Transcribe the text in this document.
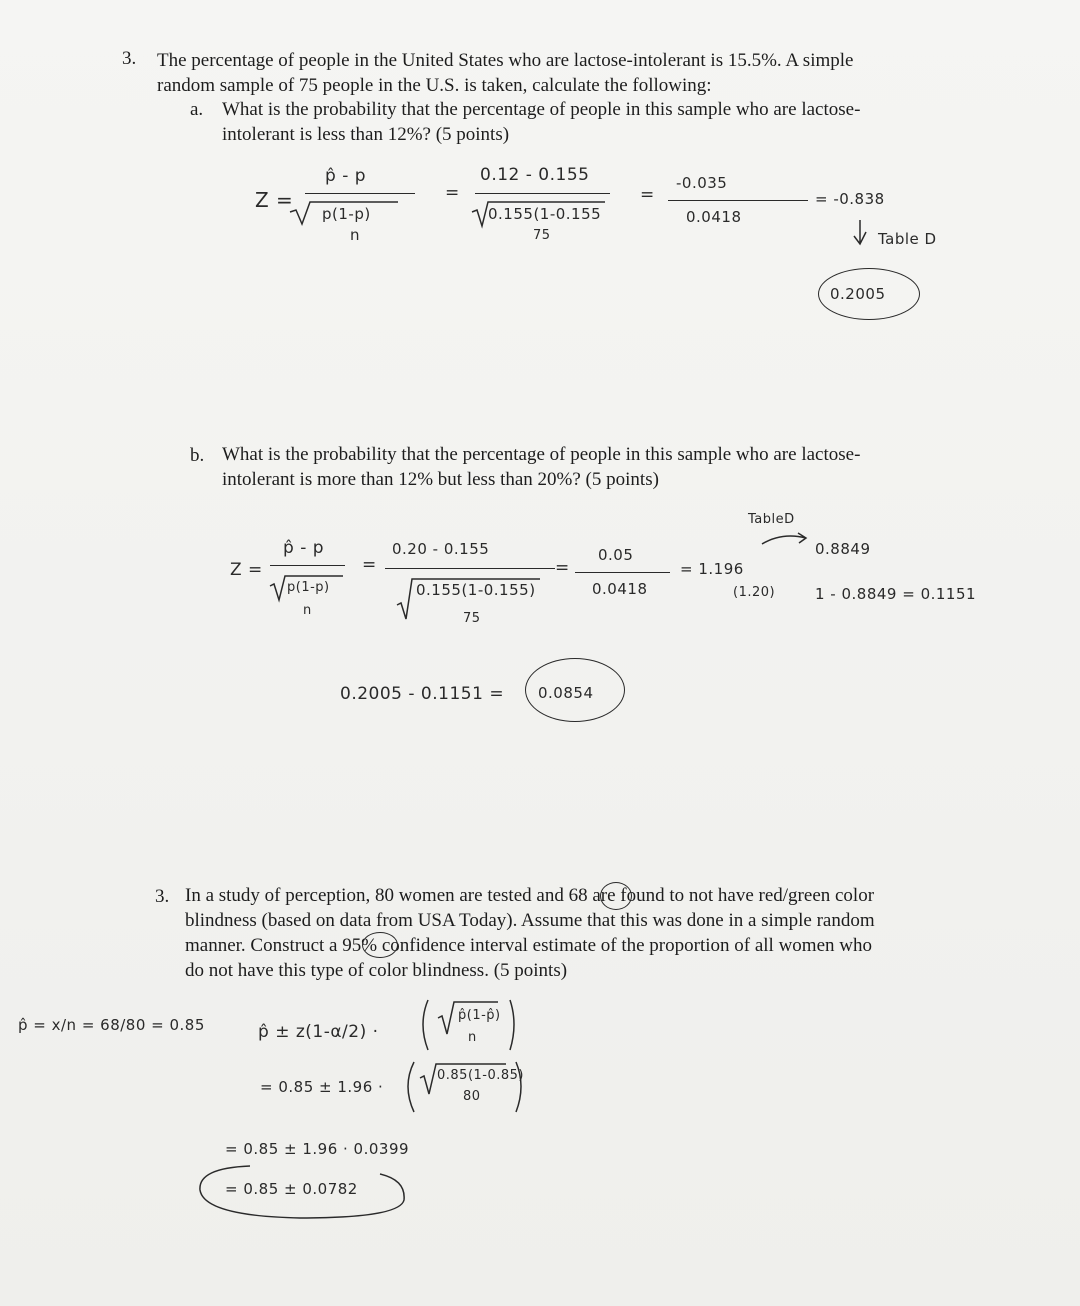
3. The percentage of people in the United States who are lactose-intolerant is 15.5%. A simple
random sample of 75 people in the U.S. is taken, calculate the following:
a. What is the probability that the percentage of people in this sample who are lactose-
intolerant is less than 12%? (5 points)
Z =
p̂ - p
p(1-p)
n
=
0.12 - 0.155
0.155(1-0.155
75
=
-0.035
0.0418
= -0.838
Table D
0.2005
b. What is the probability that the percentage of people in this sample who are lactose-
intolerant is more than 12% but less than 20%? (5 points)
Z =
p̂ - p
p(1-p)
n
=
0.20 - 0.155
0.155(1-0.155)
75
=
0.05
0.0418
= 1.196
(1.20)
TableD
0.8849
1 - 0.8849 = 0.1151
0.2005 - 0.1151 = 0.0854
3. In a study of perception, 80 women are tested and 68 are found to not have red/green color
blindness (based on data from USA Today). Assume that this was done in a simple random
manner. Construct a 95% confidence interval estimate of the proportion of all women who
do not have this type of color blindness. (5 points)
p̂ = x/n = 68/80 = 0.85	p̂ ± z(1-α/2) ·
p̂(1-p̂)
n
= 0.85 ± 1.96 ·
0.85(1-0.85)
80
= 0.85 ± 1.96 · 0.0399
= 0.85 ± 0.0782
